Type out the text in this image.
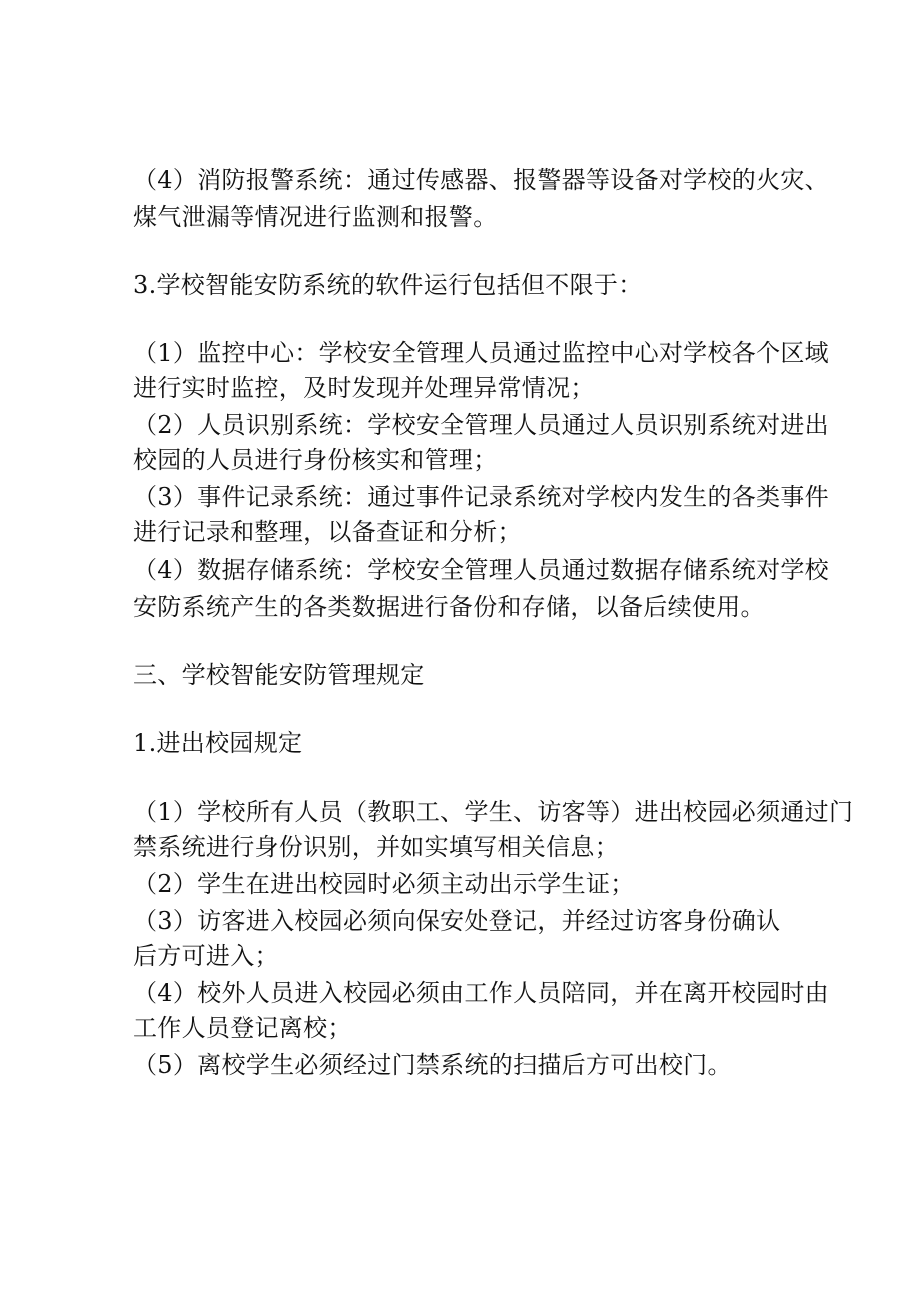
（4）消防报警系统：通过传感器、报警器等设备对学校的火灾、
煤气泄漏等情况进行监测和报警。
3.学校智能安防系统的软件运行包括但不限于：
（1）监控中心：学校安全管理人员通过监控中心对学校各个区域
进行实时监控，及时发现并处理异常情况；
（2）人员识别系统：学校安全管理人员通过人员识别系统对进出
校园的人员进行身份核实和管理；
（3）事件记录系统：通过事件记录系统对学校内发生的各类事件
进行记录和整理，以备查证和分析；
（4）数据存储系统：学校安全管理人员通过数据存储系统对学校
安防系统产生的各类数据进行备份和存储，以备后续使用。
三、学校智能安防管理规定
1.进出校园规定
（1）学校所有人员（教职工、学生、访客等）进出校园必须通过门
禁系统进行身份识别，并如实填写相关信息；
（2）学生在进出校园时必须主动出示学生证；
（3）访客进入校园必须向保安处登记，并经过访客身份确认
后方可进入；
（4）校外人员进入校园必须由工作人员陪同，并在离开校园时由
工作人员登记离校；
（5）离校学生必须经过门禁系统的扫描后方可出校门。
